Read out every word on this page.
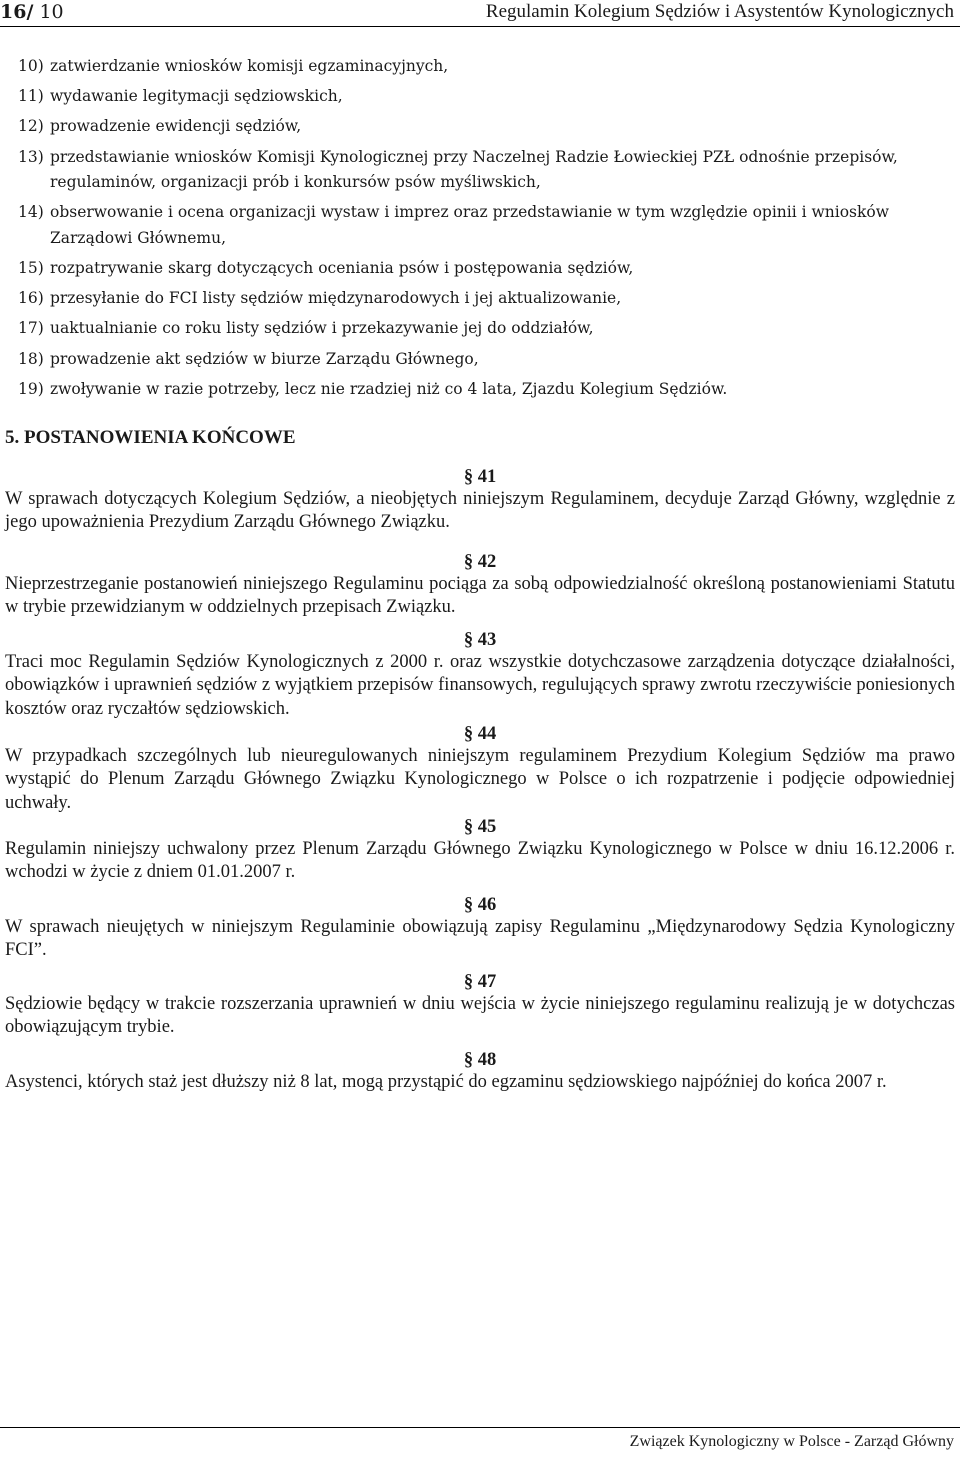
16/ 10	Regulamin Kolegium Sędziów i Asystentów Kynologicznych
10) zatwierdzanie wniosków komisji egzaminacyjnych,
11) wydawanie legitymacji sędziowskich,
12) prowadzenie ewidencji sędziów,
13) przedstawianie wniosków Komisji Kynologicznej przy Naczelnej Radzie Łowieckiej PZŁ odnośnie przepisów, regulaminów, organizacji prób i konkursów psów myśliwskich,
14) obserwowanie i ocena organizacji wystaw i imprez oraz przedstawianie w tym względzie opinii i wniosków Zarządowi Głównemu,
15) rozpatrywanie skarg dotyczących oceniania psów i postępowania sędziów,
16) przesyłanie do FCI listy sędziów międzynarodowych i jej aktualizowanie,
17) uaktualnianie co roku listy sędziów i przekazywanie jej do oddziałów,
18) prowadzenie akt sędziów w biurze Zarządu Głównego,
19) zwoływanie w razie potrzeby, lecz nie rzadziej niż co 4 lata, Zjazdu Kolegium Sędziów.
5. POSTANOWIENIA KOŃCOWE
§ 41

W sprawach dotyczących Kolegium Sędziów, a nieobjętych niniejszym Regulaminem, decyduje Zarząd Główny, względnie z jego upoważnienia Prezydium Zarządu Głównego Związku.

§ 42

Nieprzestrzeganie postanowień niniejszego Regulaminu pociąga za sobą odpowiedzialność określoną postanowieniami Statutu w trybie przewidzianym w oddzielnych przepisach Związku.

§ 43

Traci moc Regulamin Sędziów Kynologicznych z 2000 r. oraz wszystkie dotychczasowe zarządzenia dotyczące działalności, obowiązków i uprawnień sędziów z wyjątkiem przepisów finansowych, regulujących sprawy zwrotu rzeczywiście poniesionych kosztów oraz ryczałtów sędziowskich.

§ 44

W przypadkach szczególnych lub nieuregulowanych niniejszym regulaminem Prezydium Kolegium Sędziów ma prawo wystąpić do Plenum Zarządu Głównego Związku Kynologicznego w Polsce o ich rozpatrzenie i podjęcie odpowiedniej uchwały.

§ 45

Regulamin niniejszy uchwalony przez Plenum Zarządu Głównego Związku Kynologicznego w Polsce w dniu 16.12.2006 r. wchodzi w życie z dniem 01.01.2007 r.

§ 46

W sprawach nieujętych w niniejszym Regulaminie obowiązują zapisy Regulaminu „Międzynarodowy Sędzia Kynologiczny FCI”.

§ 47

Sędziowie będący w trakcie rozszerzania uprawnień w dniu wejścia w życie niniejszego regulaminu realizują je w dotychczas obowiązującym trybie.

§ 48

Asystenci, których staż jest dłuższy niż 8 lat, mogą przystąpić do egzaminu sędziowskiego najpóźniej do końca 2007 r.

Związek Kynologiczny w Polsce - Zarząd Główny
